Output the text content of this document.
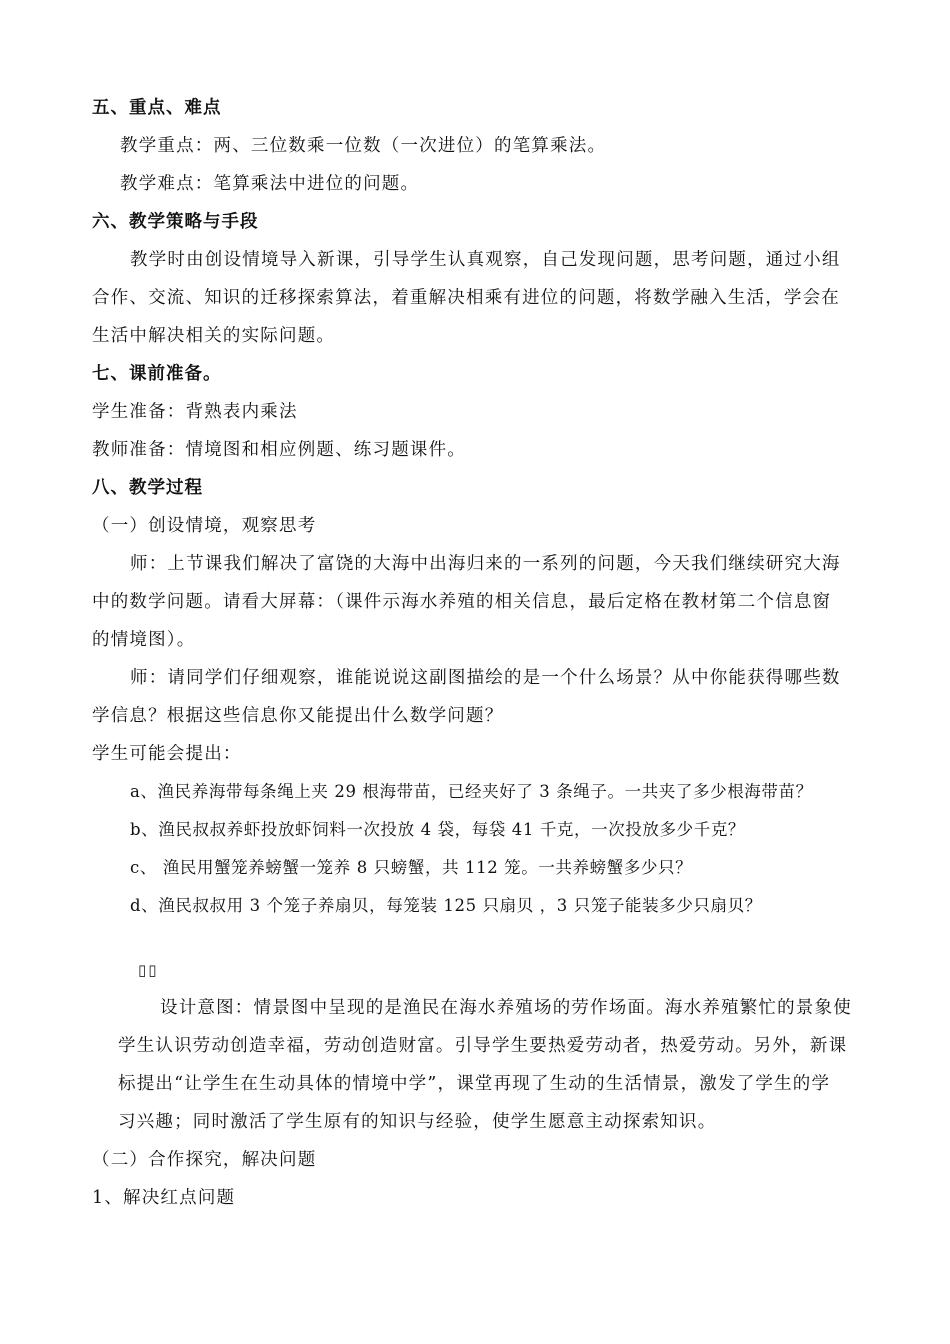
五、重点、难点
教学重点：两、三位数乘一位数（一次进位）的笔算乘法。
教学难点：笔算乘法中进位的问题。
六、教学策略与手段
教学时由创设情境导入新课，引导学生认真观察，自己发现问题，思考问题，通过小组
合作、交流、知识的迁移探索算法，着重解决相乘有进位的问题，将数学融入生活，学会在
生活中解决相关的实际问题。
七、课前准备。
学生准备：背熟表内乘法
教师准备：情境图和相应例题、练习题课件。
八、教学过程
（一）创设情境，观察思考
师：上节课我们解决了富饶的大海中出海归来的一系列的问题，今天我们继续研究大海
中的数学问题。请看大屏幕：（课件示海水养殖的相关信息，最后定格在教材第二个信息窗
的情境图）。
师：请同学们仔细观察，谁能说说这副图描绘的是一个什么场景？从中你能获得哪些数
学信息？根据这些信息你又能提出什么数学问题？
学生可能会提出：
a、渔民养海带每条绳上夹 29 根海带苗，已经夹好了 3 条绳子。一共夹了多少根海带苗？
b、渔民叔叔养虾投放虾饲料一次投放 4 袋，每袋 41 千克，一次投放多少千克？
c、 渔民用蟹笼养螃蟹一笼养 8 只螃蟹，共 112 笼。一共养螃蟹多少只？
d、渔民叔叔用 3 个笼子养扇贝，每笼装 125 只扇贝 ，3 只笼子能装多少只扇贝？
▯▯
设计意图：情景图中呈现的是渔民在海水养殖场的劳作场面。海水养殖繁忙的景象使
学生认识劳动创造幸福，劳动创造财富。引导学生要热爱劳动者，热爱劳动。另外，新课
标提出“让学生在生动具体的情境中学”，课堂再现了生动的生活情景，激发了学生的学
习兴趣；同时激活了学生原有的知识与经验，使学生愿意主动探索知识。
（二）合作探究，解决问题
1、解决红点问题
